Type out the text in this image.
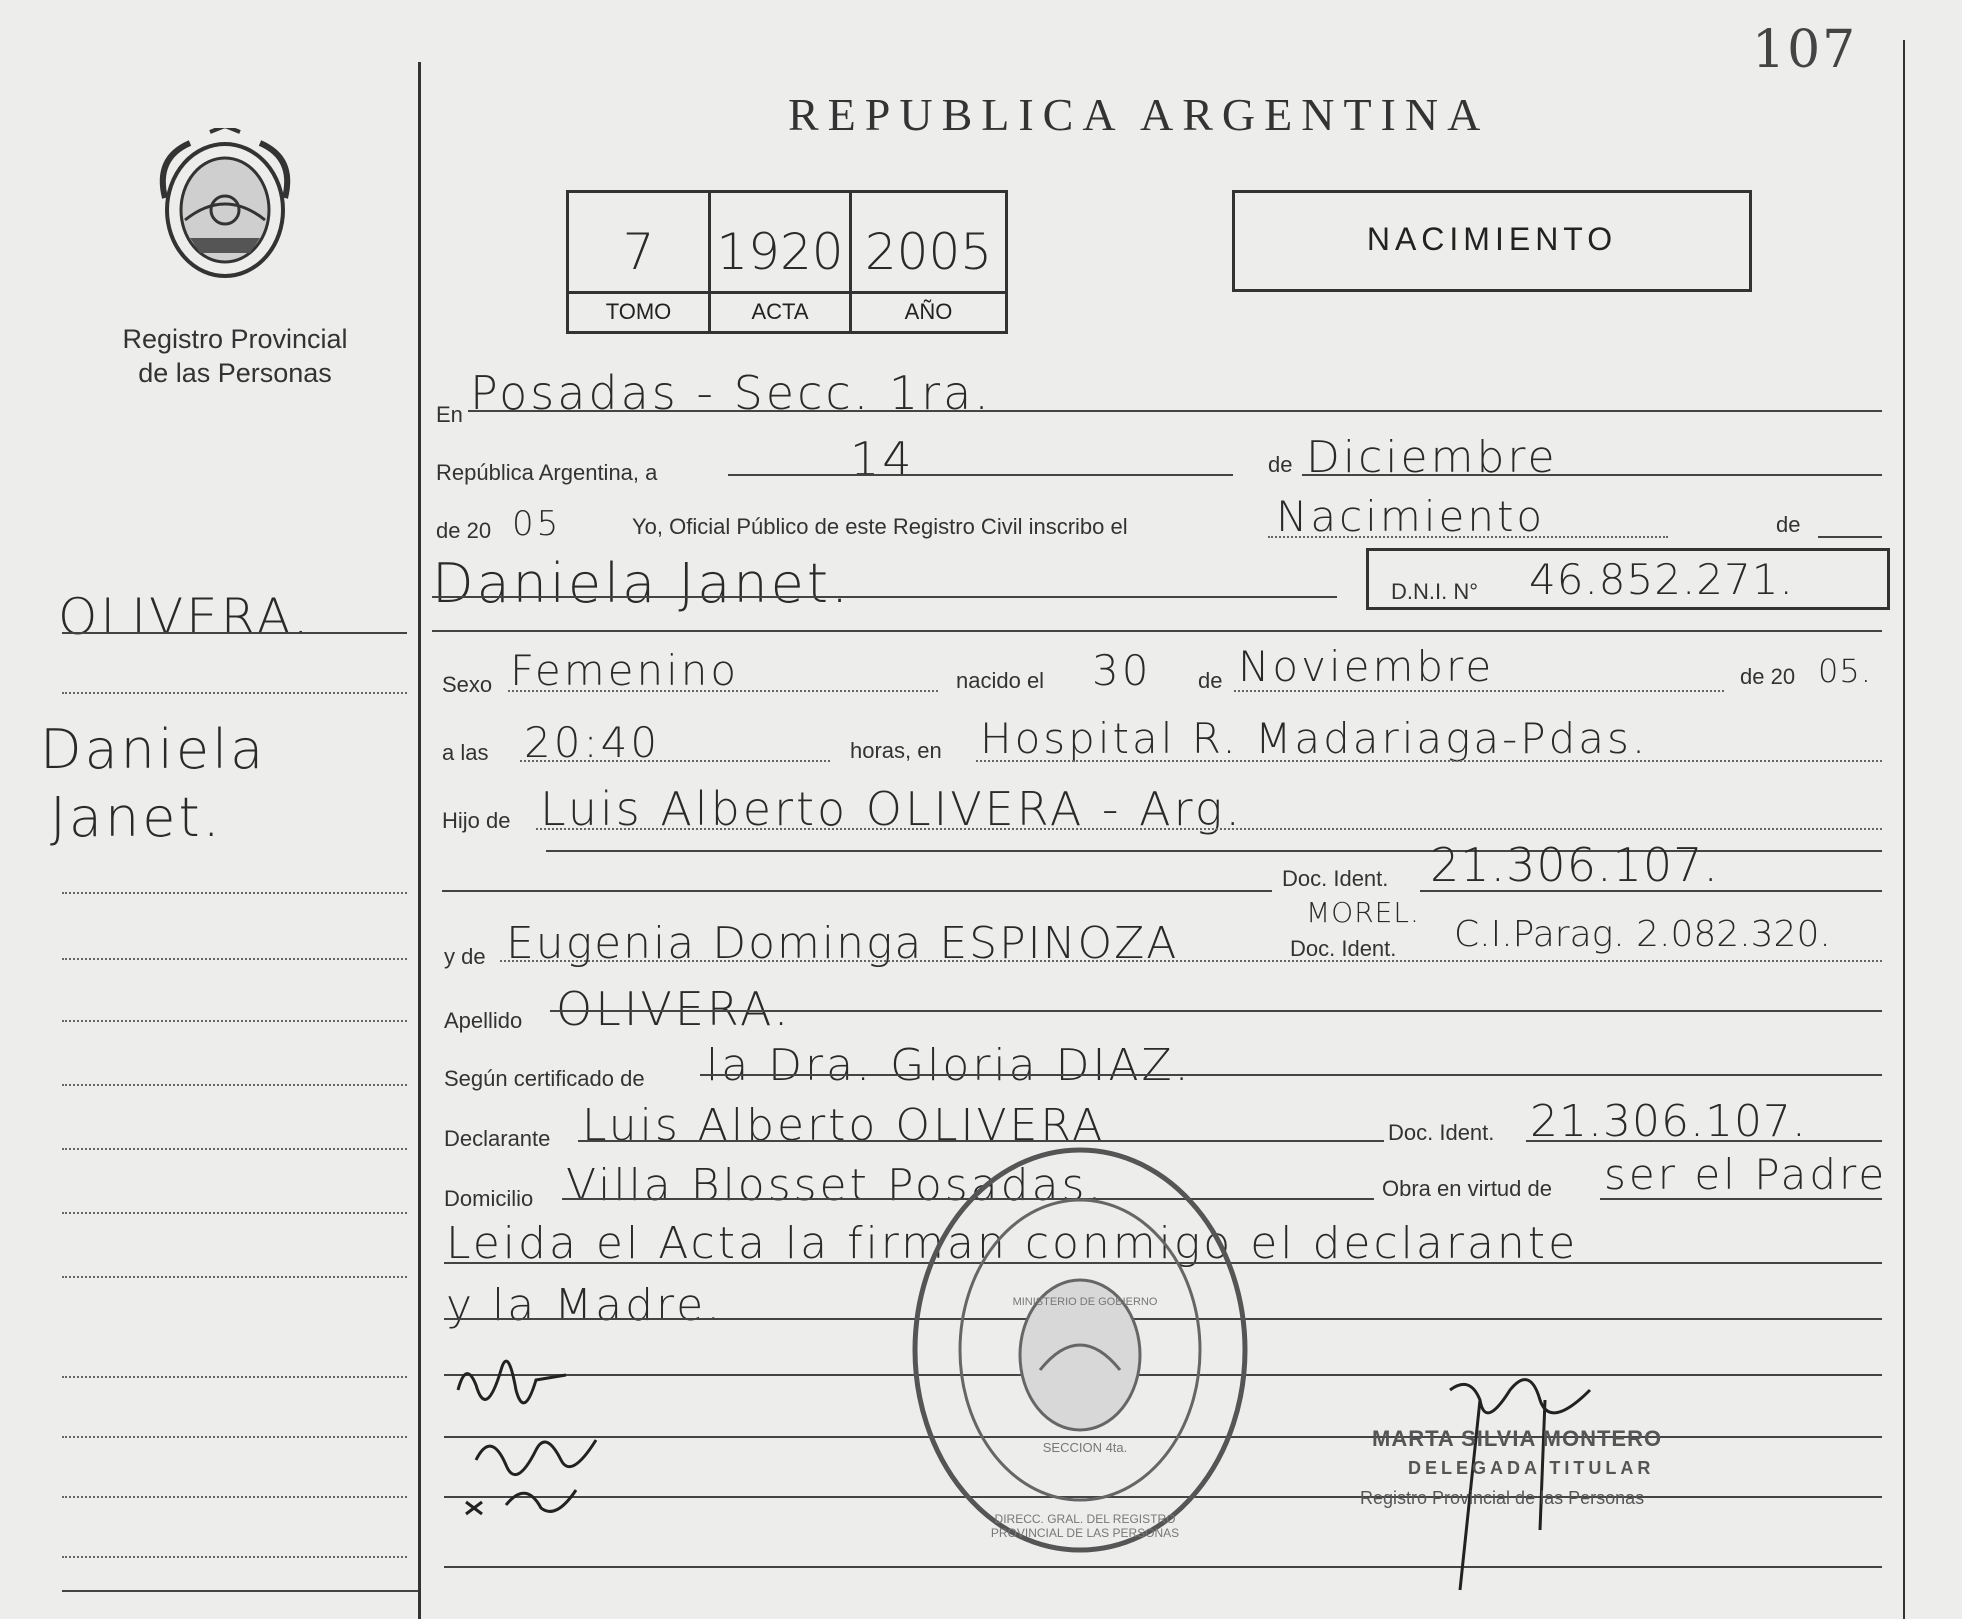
107
REPUBLICA ARGENTINA
Registro Provincial
de las Personas
7	1920 2005
TOMO	ACTA	AÑO
NACIMIENTO
OLIVERA.
Daniela
Janet.
En Posadas - Secc. 1ra.
República Argentina, a	14	de Diciembre
de 20 05	Yo, Oficial Público de este Registro Civil inscribo el	Nacimiento	de
Daniela Janet.	D.N.I. N° 46.852.271.
Sexo Femenino	nacido el 30 de Noviembre	de 20 05.
a las 20:40	horas, en Hospital R. Madariaga-Pdas.
Hijo de Luis Alberto OLIVERA - Arg.
Doc. Ident. 21.306.107.
y de Eugenia Dominga ESPINOZA
MOREL.
Doc. Ident. C.I.Parag. 2.082.320.
Apellido OLIVERA.
Según certificado de la Dra. Gloria DIAZ.
Declarante Luis Alberto OLIVERA	Doc. Ident. 21.306.107.
Domicilio Villa Blosset Posadas.	Obra en virtud de ser el Padre
Leida el Acta la firman conmigo el declarante
y la Madre.
DIRECC. GRAL. DEL REGISTRO PROVINCIAL DE LAS PERSONAS
MINISTERIO DE GOBIERNO
SECCION 4ta.	MARTA SILVIA MONTERO
DELEGADA TITULAR
Registro Provincial de las Personas
